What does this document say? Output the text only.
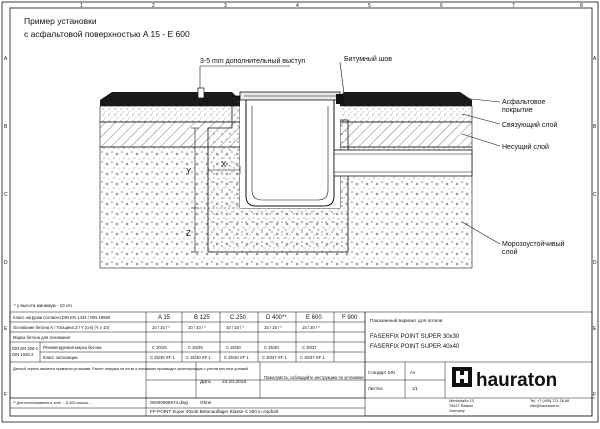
1	2	3	4	5	6	7	8
A
B
C
D
E
F
A
B
C
D
E
F
Пример установки
с асфальтовой поверхностью A 15 - E 600
X
Y
Z
3-5 mm дополнительный выступ	Битумный шов
Асфальтовое покрытие
Связующий слой
Несущий слой
Морозоустойчивый слой
* y высота минимум - 10 cm
Класс нагрузки согласно DIN EN 1433 / DIN 19580	A 15	B 125	C 250	D 400**	E 600	F 900
Основание бетона X / Толщина Z / Y (cm) (Y ≥ 10)	10 / 10 / *	10 / 10 / *	10 / 15 / *	15 / 15 / *	15 / 20 / *
Марка бетона для основания
DIN EN 206-1
DIN 1045-2
Рекомендуемая марка бетона	C 20/25	C 20/25	C 25/30	C 25/30	C 30/37
Класс экспозиции	C 25/30 XF 1	C 25/30 XF 1	C 25/30 XF 1	C 30/37 XF 1	C 30/37 XF 1
Данный чертеж является примером установки. Расчет нагрузки на лотки и основания производит проектировщик с учетом местных условий.
** Для использования в зоне ... D 400 класса...
FF-POINT Super 40x40 Betonauflager Klasse C 250 in Asphalt
00000066574.dwg	Ohne
Дата 24.10.2018
Пожалуйста, соблюдайте инструкцию по установке
Стандарт DIN	A4
Лист/из	1/1
Показанный вариант для лотков
FASERFIX POINT SUPER 30x30
FASERFIX POINT SUPER 40x40
hauraton
Werkstraße 13
76437 Rastatt
Germany
Tel. +7 (495) 721 26 68
info@hauraton.ru
